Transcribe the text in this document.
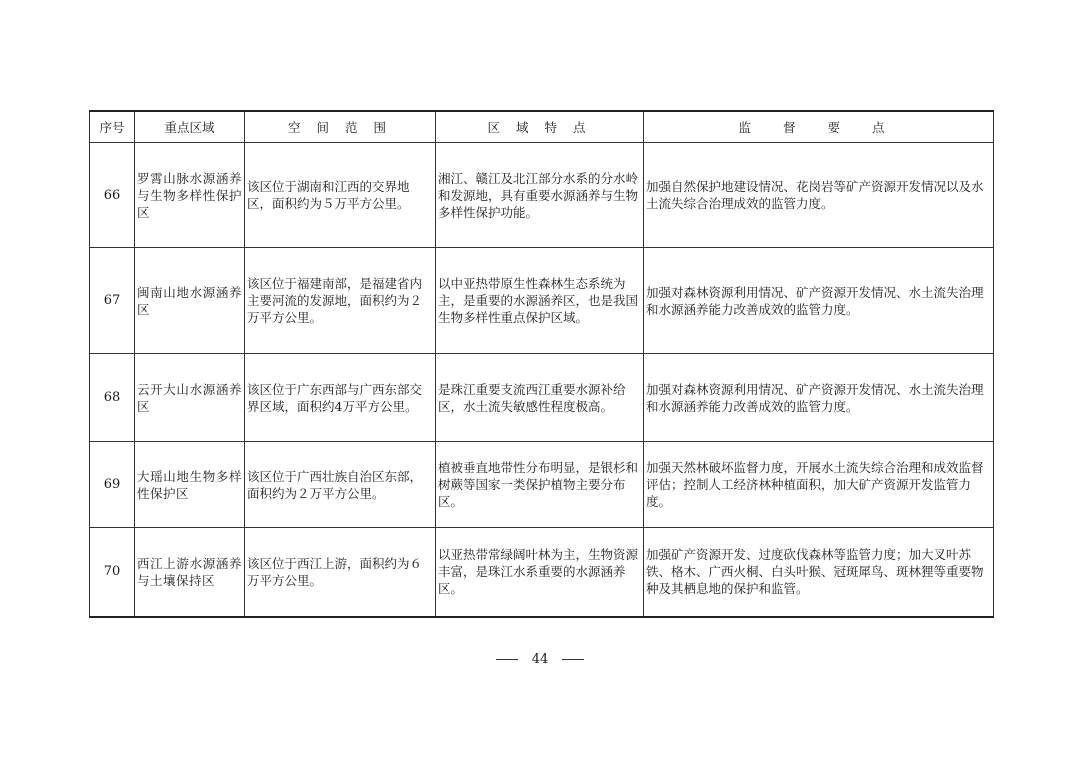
序号	重点区域	空 间 范 围	区 域 特 点	监 督 要 点
66	罗霄山脉水源涵养与生物多样性保护区	该区位于湖南和江西的交界地区，面积约为５万平方公里。	湘江、赣江及北江部分水系的分水岭和发源地，具有重要水源涵养与生物多样性保护功能。	加强自然保护地建设情况、花岗岩等矿产资源开发情况以及水土流失综合治理成效的监管力度。
67	闽南山地水源涵养区	该区位于福建南部，是福建省内主要河流的发源地，面积约为２万平方公里。	以中亚热带原生性森林生态系统为主，是重要的水源涵养区，也是我国生物多样性重点保护区域。	加强对森林资源利用情况、矿产资源开发情况、水土流失治理和水源涵养能力改善成效的监管力度。
68	云开大山水源涵养区	该区位于广东西部与广西东部交界区域，面积约4万平方公里。	是珠江重要支流西江重要水源补给区，水土流失敏感性程度极高。	加强对森林资源利用情况、矿产资源开发情况、水土流失治理和水源涵养能力改善成效的监管力度。
69	大瑶山地生物多样性保护区	该区位于广西壮族自治区东部，面积约为２万平方公里。	植被垂直地带性分布明显，是银杉和树蕨等国家一类保护植物主要分布区。	加强天然林破坏监督力度，开展水土流失综合治理和成效监督评估；控制人工经济林种植面积，加大矿产资源开发监管力度。
70	西江上游水源涵养与土壤保持区	该区位于西江上游，面积约为６万平方公里。	以亚热带常绿阔叶林为主，生物资源丰富，是珠江水系重要的水源涵养区。	加强矿产资源开发、过度砍伐森林等监管力度；加大叉叶苏铁、格木、广西火桐、白头叶猴、冠斑犀鸟、斑林狸等重要物种及其栖息地的保护和监管。
44
